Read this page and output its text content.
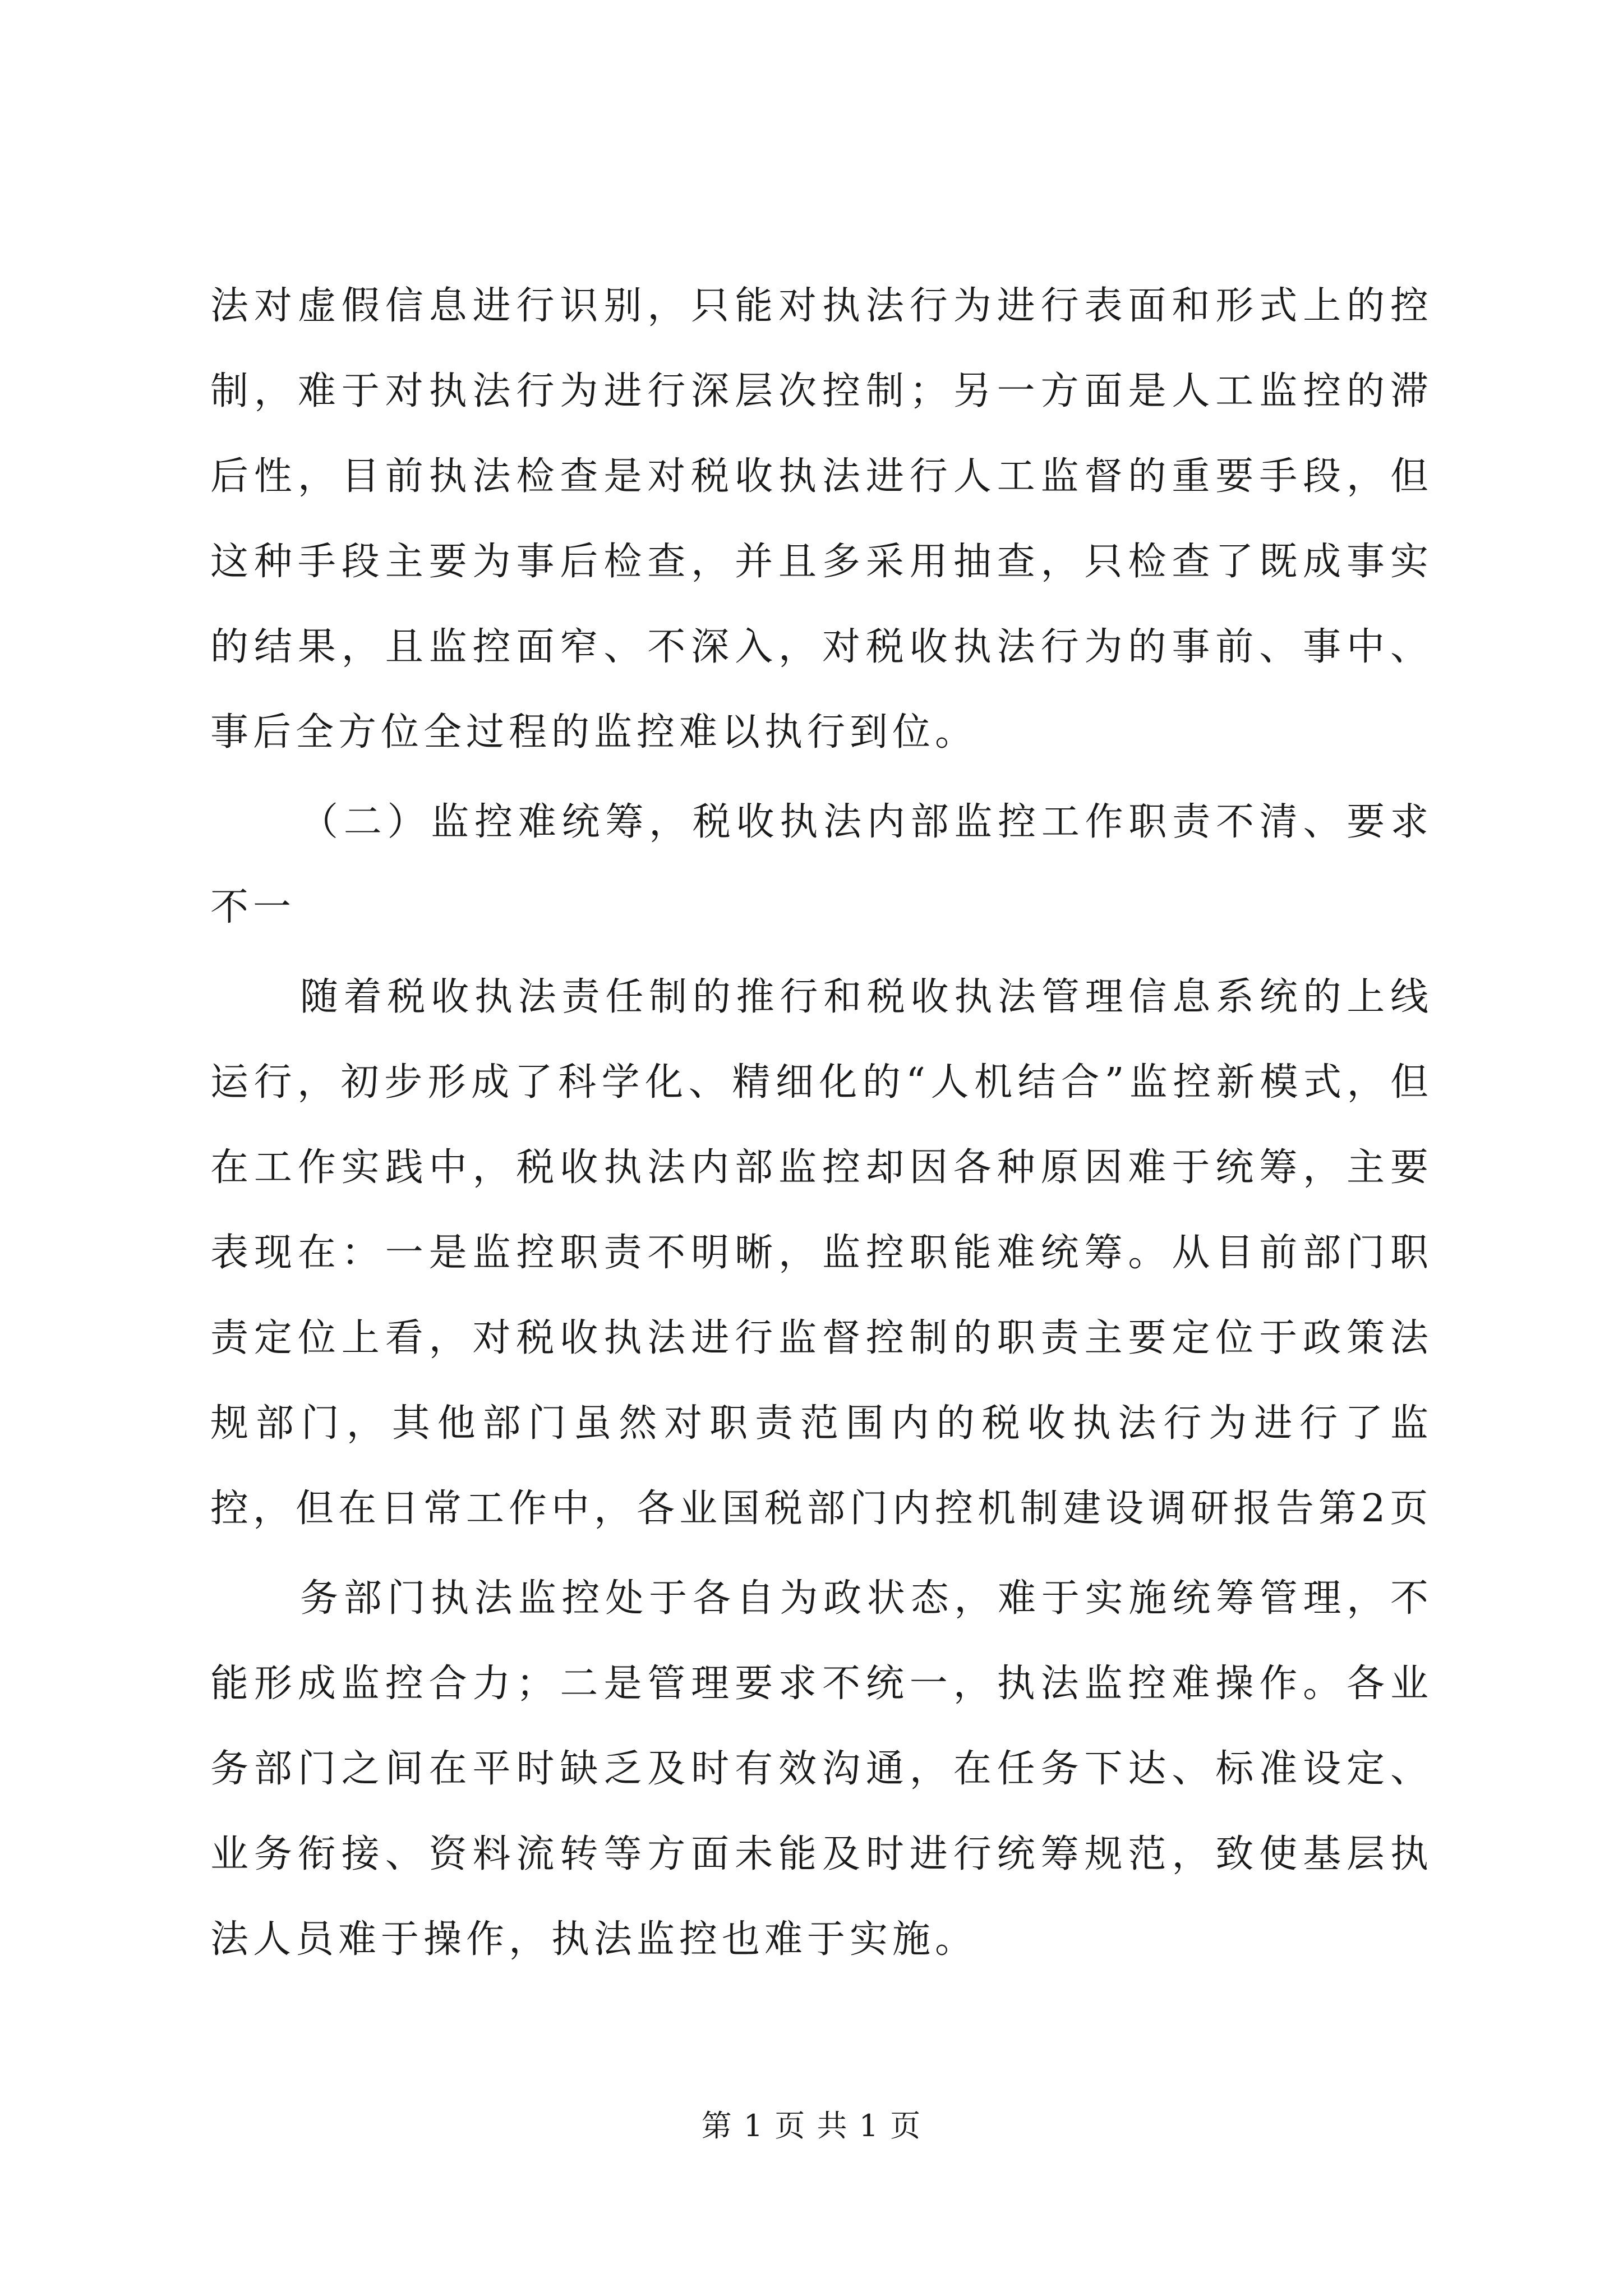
法对虚假信息进行识别，只能对执法行为进行表面和形式上的控制，难于对执法行为进行深层次控制；另一方面是人工监控的滞后性，目前执法检查是对税收执法进行人工监督的重要手段，但这种手段主要为事后检查，并且多采用抽查，只检查了既成事实的结果，且监控面窄、不深入，对税收执法行为的事前、事中、事后全方位全过程的监控难以执行到位。

（二）监控难统筹，税收执法内部监控工作职责不清、要求不一

随着税收执法责任制的推行和税收执法管理信息系统的上线运行，初步形成了科学化、精细化的“人机结合”监控新模式，但在工作实践中，税收执法内部监控却因各种原因难于统筹，主要表现在：一是监控职责不明晰，监控职能难统筹。从目前部门职责定位上看，对税收执法进行监督控制的职责主要定位于政策法规部门，其他部门虽然对职责范围内的税收执法行为进行了监控，但在日常工作中，各业国税部门内控机制建设调研报告第2页

务部门执法监控处于各自为政状态，难于实施统筹管理，不能形成监控合力；二是管理要求不统一，执法监控难操作。各业务部门之间在平时缺乏及时有效沟通，在任务下达、标准设定、业务衔接、资料流转等方面未能及时进行统筹规范，致使基层执法人员难于操作，执法监控也难于实施。

第 1 页 共 1 页
